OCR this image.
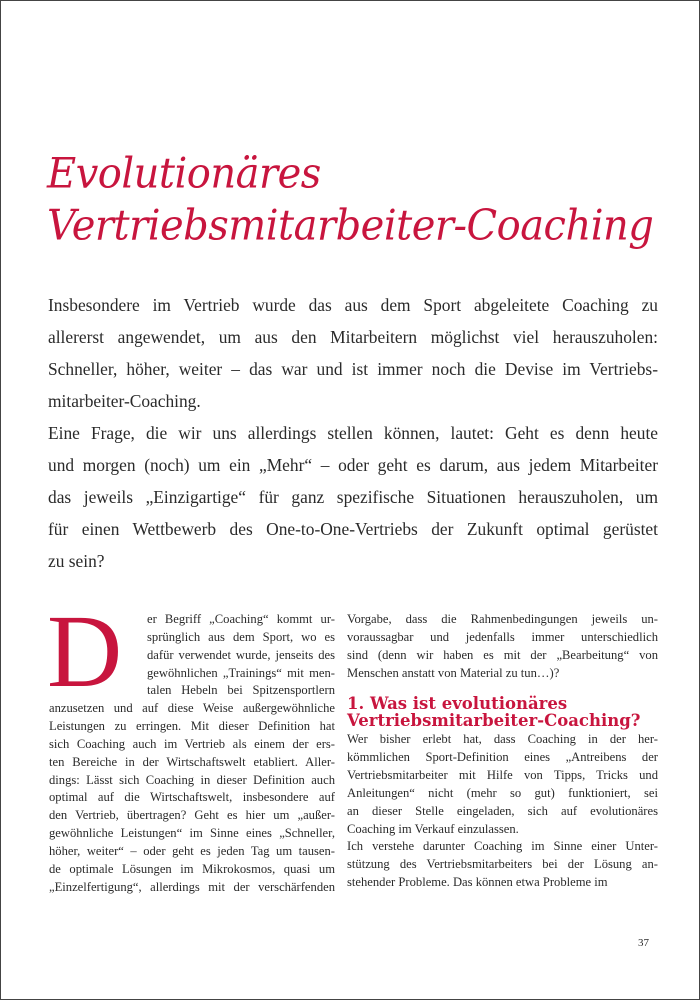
Evolutionäres
Vertriebsmitarbeiter-Coaching
Insbesondere im Vertrieb wurde das aus dem Sport abgeleitete Coaching zu
allererst angewendet, um aus den Mitarbeitern möglichst viel herauszuholen:
Schneller, höher, weiter – das war und ist immer noch die Devise im Vertriebs-
mitarbeiter-Coaching.
Eine Frage, die wir uns allerdings stellen können, lautet: Geht es denn heute
und morgen (noch) um ein „Mehr“ – oder geht es darum, aus jedem Mitarbeiter
das jeweils „Einzigartige“ für ganz spezifische Situationen herauszuholen, um
für einen Wettbewerb des One-to-One-Vertriebs der Zukunft optimal gerüstet
zu sein?
D er Begriff „Coaching“ kommt ur-
sprünglich aus dem Sport, wo es
dafür verwendet wurde, jenseits des
gewöhnlichen „Trainings“ mit men-
talen Hebeln bei Spitzensportlern
anzusetzen und auf diese Weise außergewöhnliche
Leistungen zu erringen. Mit dieser Definition hat
sich Coaching auch im Vertrieb als einem der ers-
ten Bereiche in der Wirtschaftswelt etabliert. Aller-
dings: Lässt sich Coaching in dieser Definition auch
optimal auf die Wirtschaftswelt, insbesondere auf
den Vertrieb, übertragen? Geht es hier um „außer-
gewöhnliche Leistungen“ im Sinne eines „Schneller,
höher, weiter“ – oder geht es jeden Tag um tausen-
de optimale Lösungen im Mikrokosmos, quasi um
„Einzelfertigung“, allerdings mit der verschärfenden
Vorgabe, dass die Rahmenbedingungen jeweils un-
voraussagbar und jedenfalls immer unterschiedlich
sind (denn wir haben es mit der „Bearbeitung“ von
Menschen anstatt von Material zu tun…)?
1. Was ist evolutionäres
Vertriebsmitarbeiter-Coaching?
Wer bisher erlebt hat, dass Coaching in der her-
kömmlichen Sport-Definition eines „Antreibens der
Vertriebsmitarbeiter mit Hilfe von Tipps, Tricks und
Anleitungen“ nicht (mehr so gut) funktioniert, sei
an dieser Stelle eingeladen, sich auf evolutionäres
Coaching im Verkauf einzulassen.
Ich verstehe darunter Coaching im Sinne einer Unter-
stützung des Vertriebsmitarbeiters bei der Lösung an-
stehender Probleme. Das können etwa Probleme im
37
